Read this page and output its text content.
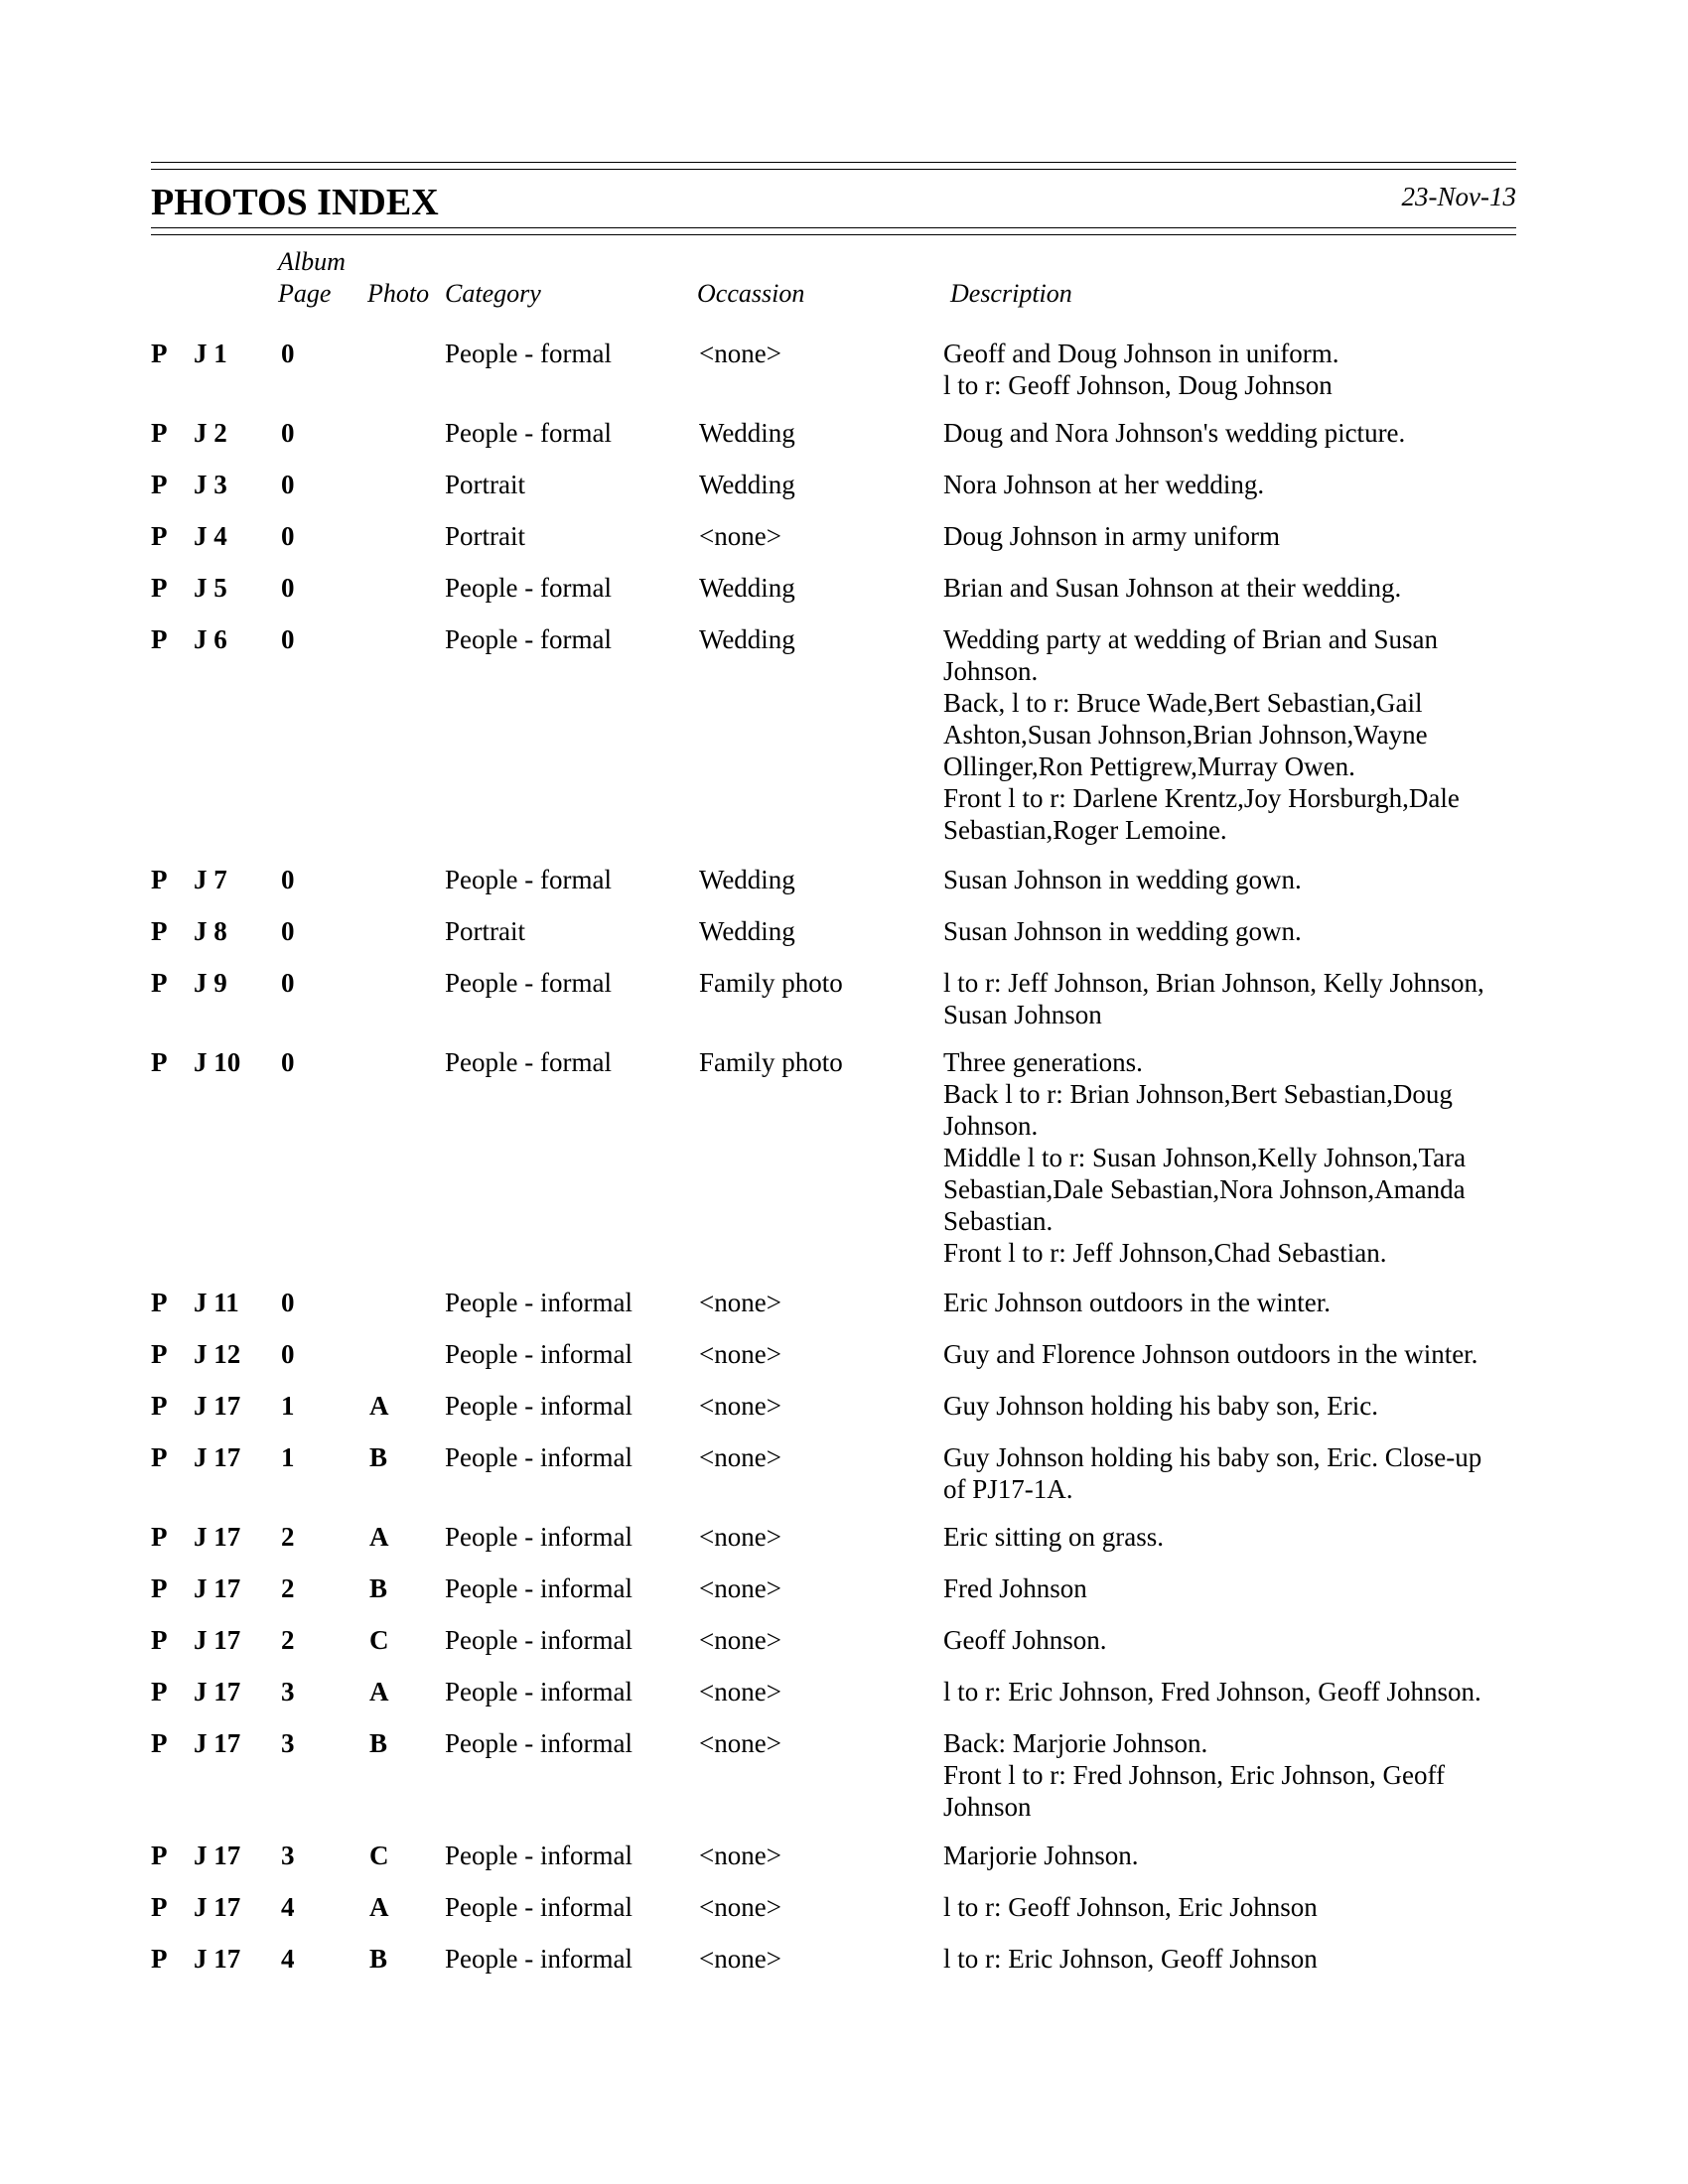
PHOTOS INDEX	23-Nov-13
Album
Page Photo Category	Occassion	Description
P J 1 0	People - formal	<none>	Geoff and Doug Johnson in uniform.
l to r: Geoff Johnson, Doug Johnson
P J 2 0	People - formal	Wedding	Doug and Nora Johnson's wedding picture.
P J 3 0	Portrait	Wedding	Nora Johnson at her wedding.
P J 4 0	Portrait	<none>	Doug Johnson in army uniform
P J 5 0	People - formal	Wedding	Brian and Susan Johnson at their wedding.
P J 6 0	People - formal	Wedding	Wedding party at wedding of Brian and Susan
Johnson.
Back, l to r: Bruce Wade,Bert Sebastian,Gail
Ashton,Susan Johnson,Brian Johnson,Wayne
Ollinger,Ron Pettigrew,Murray Owen.
Front l to r: Darlene Krentz,Joy Horsburgh,Dale
Sebastian,Roger Lemoine.
P J 7 0	People - formal	Wedding	Susan Johnson in wedding gown.
P J 8 0	Portrait	Wedding	Susan Johnson in wedding gown.
P J 9 0	People - formal	Family photo	l to r: Jeff Johnson, Brian Johnson, Kelly Johnson,
Susan Johnson
P J 10 0	People - formal	Family photo	Three generations.
Back l to r: Brian Johnson,Bert Sebastian,Doug
Johnson.
Middle l to r: Susan Johnson,Kelly Johnson,Tara
Sebastian,Dale Sebastian,Nora Johnson,Amanda
Sebastian.
Front l to r: Jeff Johnson,Chad Sebastian.
P J 11 0	People - informal <none>	Eric Johnson outdoors in the winter.
P J 12 0	People - informal <none>	Guy and Florence Johnson outdoors in the winter.
P J 17 1	A People - informal <none>	Guy Johnson holding his baby son, Eric.
P J 17 1	B People - informal <none>	Guy Johnson holding his baby son, Eric. Close-up
of PJ17-1A.
P J 17 2	A People - informal <none>	Eric sitting on grass.
P J 17 2	B People - informal <none>	Fred Johnson
P J 17 2	C People - informal <none>	Geoff Johnson.
P J 17 3	A People - informal <none>	l to r: Eric Johnson, Fred Johnson, Geoff Johnson.
P J 17 3	B People - informal <none>	Back: Marjorie Johnson.
Front l to r: Fred Johnson, Eric Johnson, Geoff
Johnson
P J 17 3	C People - informal <none>	Marjorie Johnson.
P J 17 4	A People - informal <none>	l to r: Geoff Johnson, Eric Johnson
P J 17 4	B People - informal <none>	l to r: Eric Johnson, Geoff Johnson
